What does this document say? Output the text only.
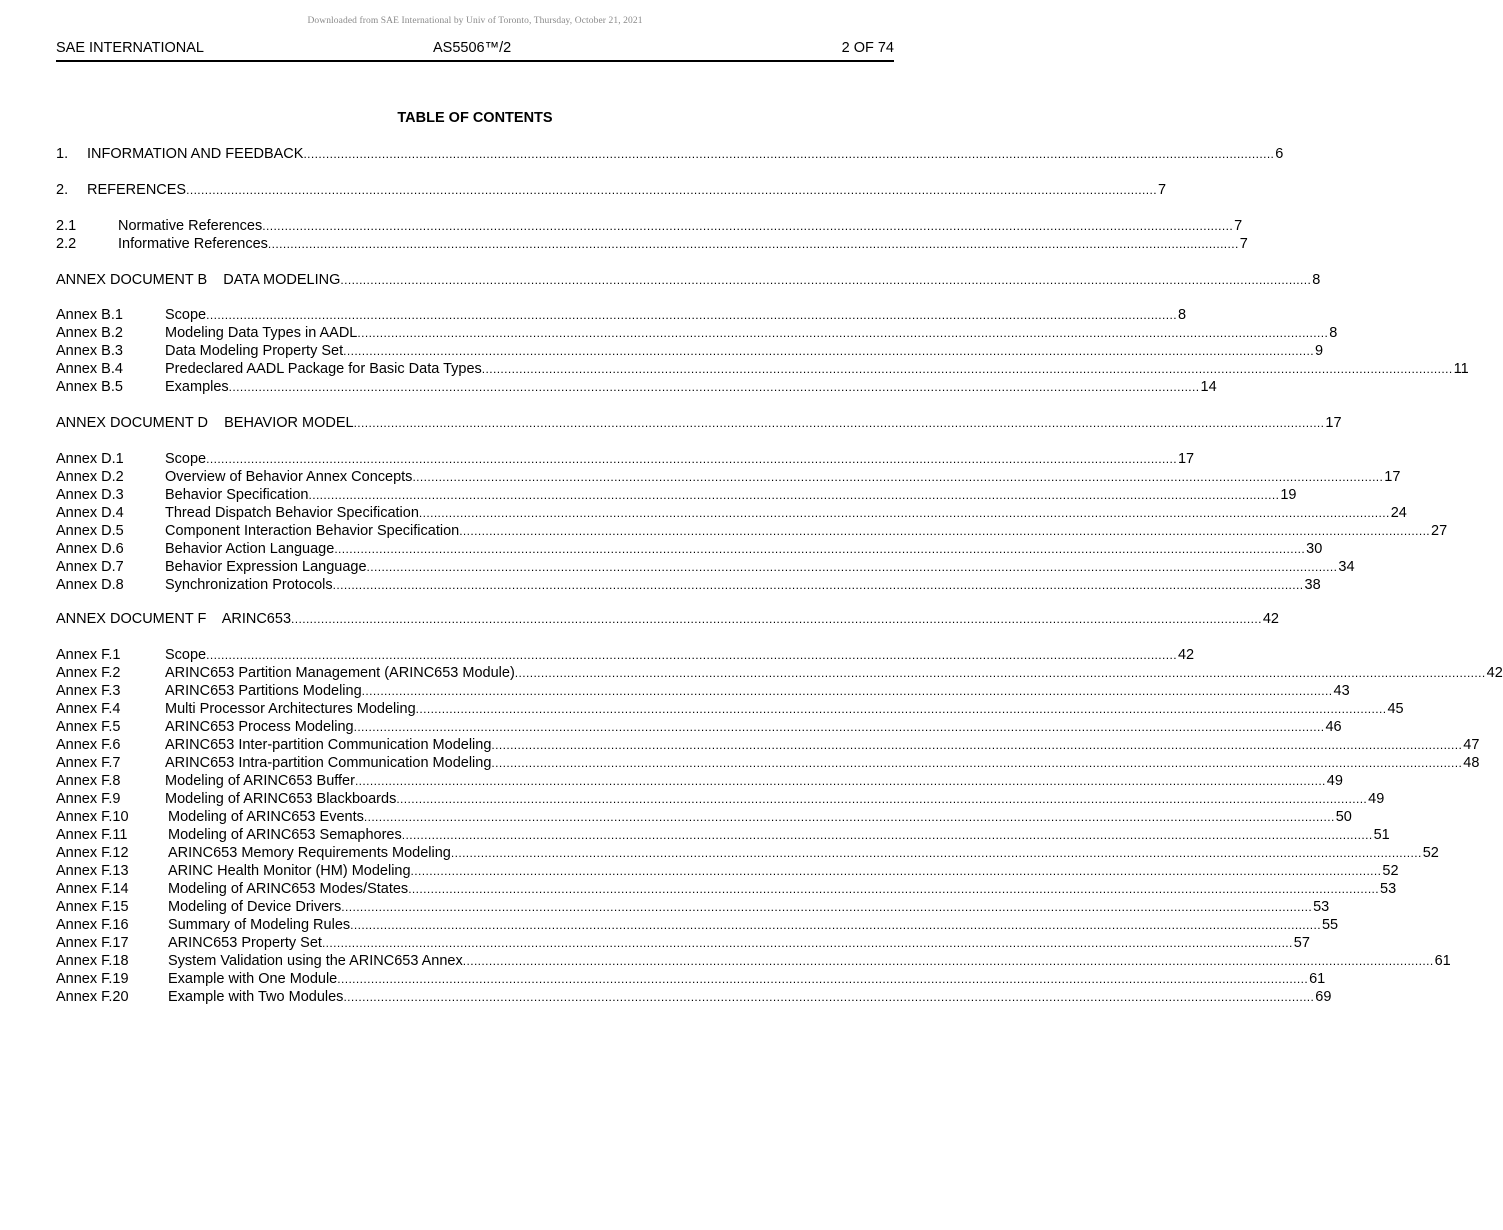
Downloaded from SAE International by Univ of Toronto, Thursday, October 21, 2021
SAE INTERNATIONAL	AS5506™/2	2 OF 74
TABLE OF CONTENTS
1. INFORMATION AND FEEDBACK .................................................................................................................................................................................................................................................................... 6
2. REFERENCES .................................................................................................................................................................................................................................................................... 7
2.1	Normative References .................................................................................................................................................................................................................................................................... 7
2.2	Informative References .................................................................................................................................................................................................................................................................... 7
ANNEX DOCUMENT B    DATA MODELING .................................................................................................................................................................................................................................................................... 8
Annex B.1	Scope .................................................................................................................................................................................................................................................................... 8
Annex B.2	Modeling Data Types in AADL .................................................................................................................................................................................................................................................................... 8
Annex B.3	Data Modeling Property Set .................................................................................................................................................................................................................................................................... 9
Annex B.4	Predeclared AADL Package for Basic Data Types .................................................................................................................................................................................................................................................................... 11
Annex B.5	Examples .................................................................................................................................................................................................................................................................... 14
ANNEX DOCUMENT D    BEHAVIOR MODEL .................................................................................................................................................................................................................................................................... 17
Annex D.1	Scope .................................................................................................................................................................................................................................................................... 17
Annex D.2	Overview of Behavior Annex Concepts .................................................................................................................................................................................................................................................................... 17
Annex D.3	Behavior Specification .................................................................................................................................................................................................................................................................... 19
Annex D.4	Thread Dispatch Behavior Specification .................................................................................................................................................................................................................................................................... 24
Annex D.5	Component Interaction Behavior Specification .................................................................................................................................................................................................................................................................... 27
Annex D.6	Behavior Action Language .................................................................................................................................................................................................................................................................... 30
Annex D.7	Behavior Expression Language .................................................................................................................................................................................................................................................................... 34
Annex D.8	Synchronization Protocols .................................................................................................................................................................................................................................................................... 38
ANNEX DOCUMENT F    ARINC653 .................................................................................................................................................................................................................................................................... 42
Annex F.1	Scope .................................................................................................................................................................................................................................................................... 42
Annex F.2	ARINC653 Partition Management (ARINC653 Module) .................................................................................................................................................................................................................................................................... 42
Annex F.3	ARINC653 Partitions Modeling .................................................................................................................................................................................................................................................................... 43
Annex F.4	Multi Processor Architectures Modeling .................................................................................................................................................................................................................................................................... 45
Annex F.5	ARINC653 Process Modeling .................................................................................................................................................................................................................................................................... 46
Annex F.6	ARINC653 Inter-partition Communication Modeling .................................................................................................................................................................................................................................................................... 47
Annex F.7	ARINC653 Intra-partition Communication Modeling .................................................................................................................................................................................................................................................................... 48
Annex F.8	Modeling of ARINC653 Buffer .................................................................................................................................................................................................................................................................... 49
Annex F.9	Modeling of ARINC653 Blackboards .................................................................................................................................................................................................................................................................... 49
Annex F.10	Modeling of ARINC653 Events .................................................................................................................................................................................................................................................................... 50
Annex F.11	Modeling of ARINC653 Semaphores .................................................................................................................................................................................................................................................................... 51
Annex F.12	ARINC653 Memory Requirements Modeling .................................................................................................................................................................................................................................................................... 52
Annex F.13	ARINC Health Monitor (HM) Modeling .................................................................................................................................................................................................................................................................... 52
Annex F.14	Modeling of ARINC653 Modes/States .................................................................................................................................................................................................................................................................... 53
Annex F.15	Modeling of Device Drivers .................................................................................................................................................................................................................................................................... 53
Annex F.16	Summary of Modeling Rules .................................................................................................................................................................................................................................................................... 55
Annex F.17	ARINC653 Property Set .................................................................................................................................................................................................................................................................... 57
Annex F.18	System Validation using the ARINC653 Annex .................................................................................................................................................................................................................................................................... 61
Annex F.19	Example with One Module .................................................................................................................................................................................................................................................................... 61
Annex F.20	Example with Two Modules .................................................................................................................................................................................................................................................................... 69
